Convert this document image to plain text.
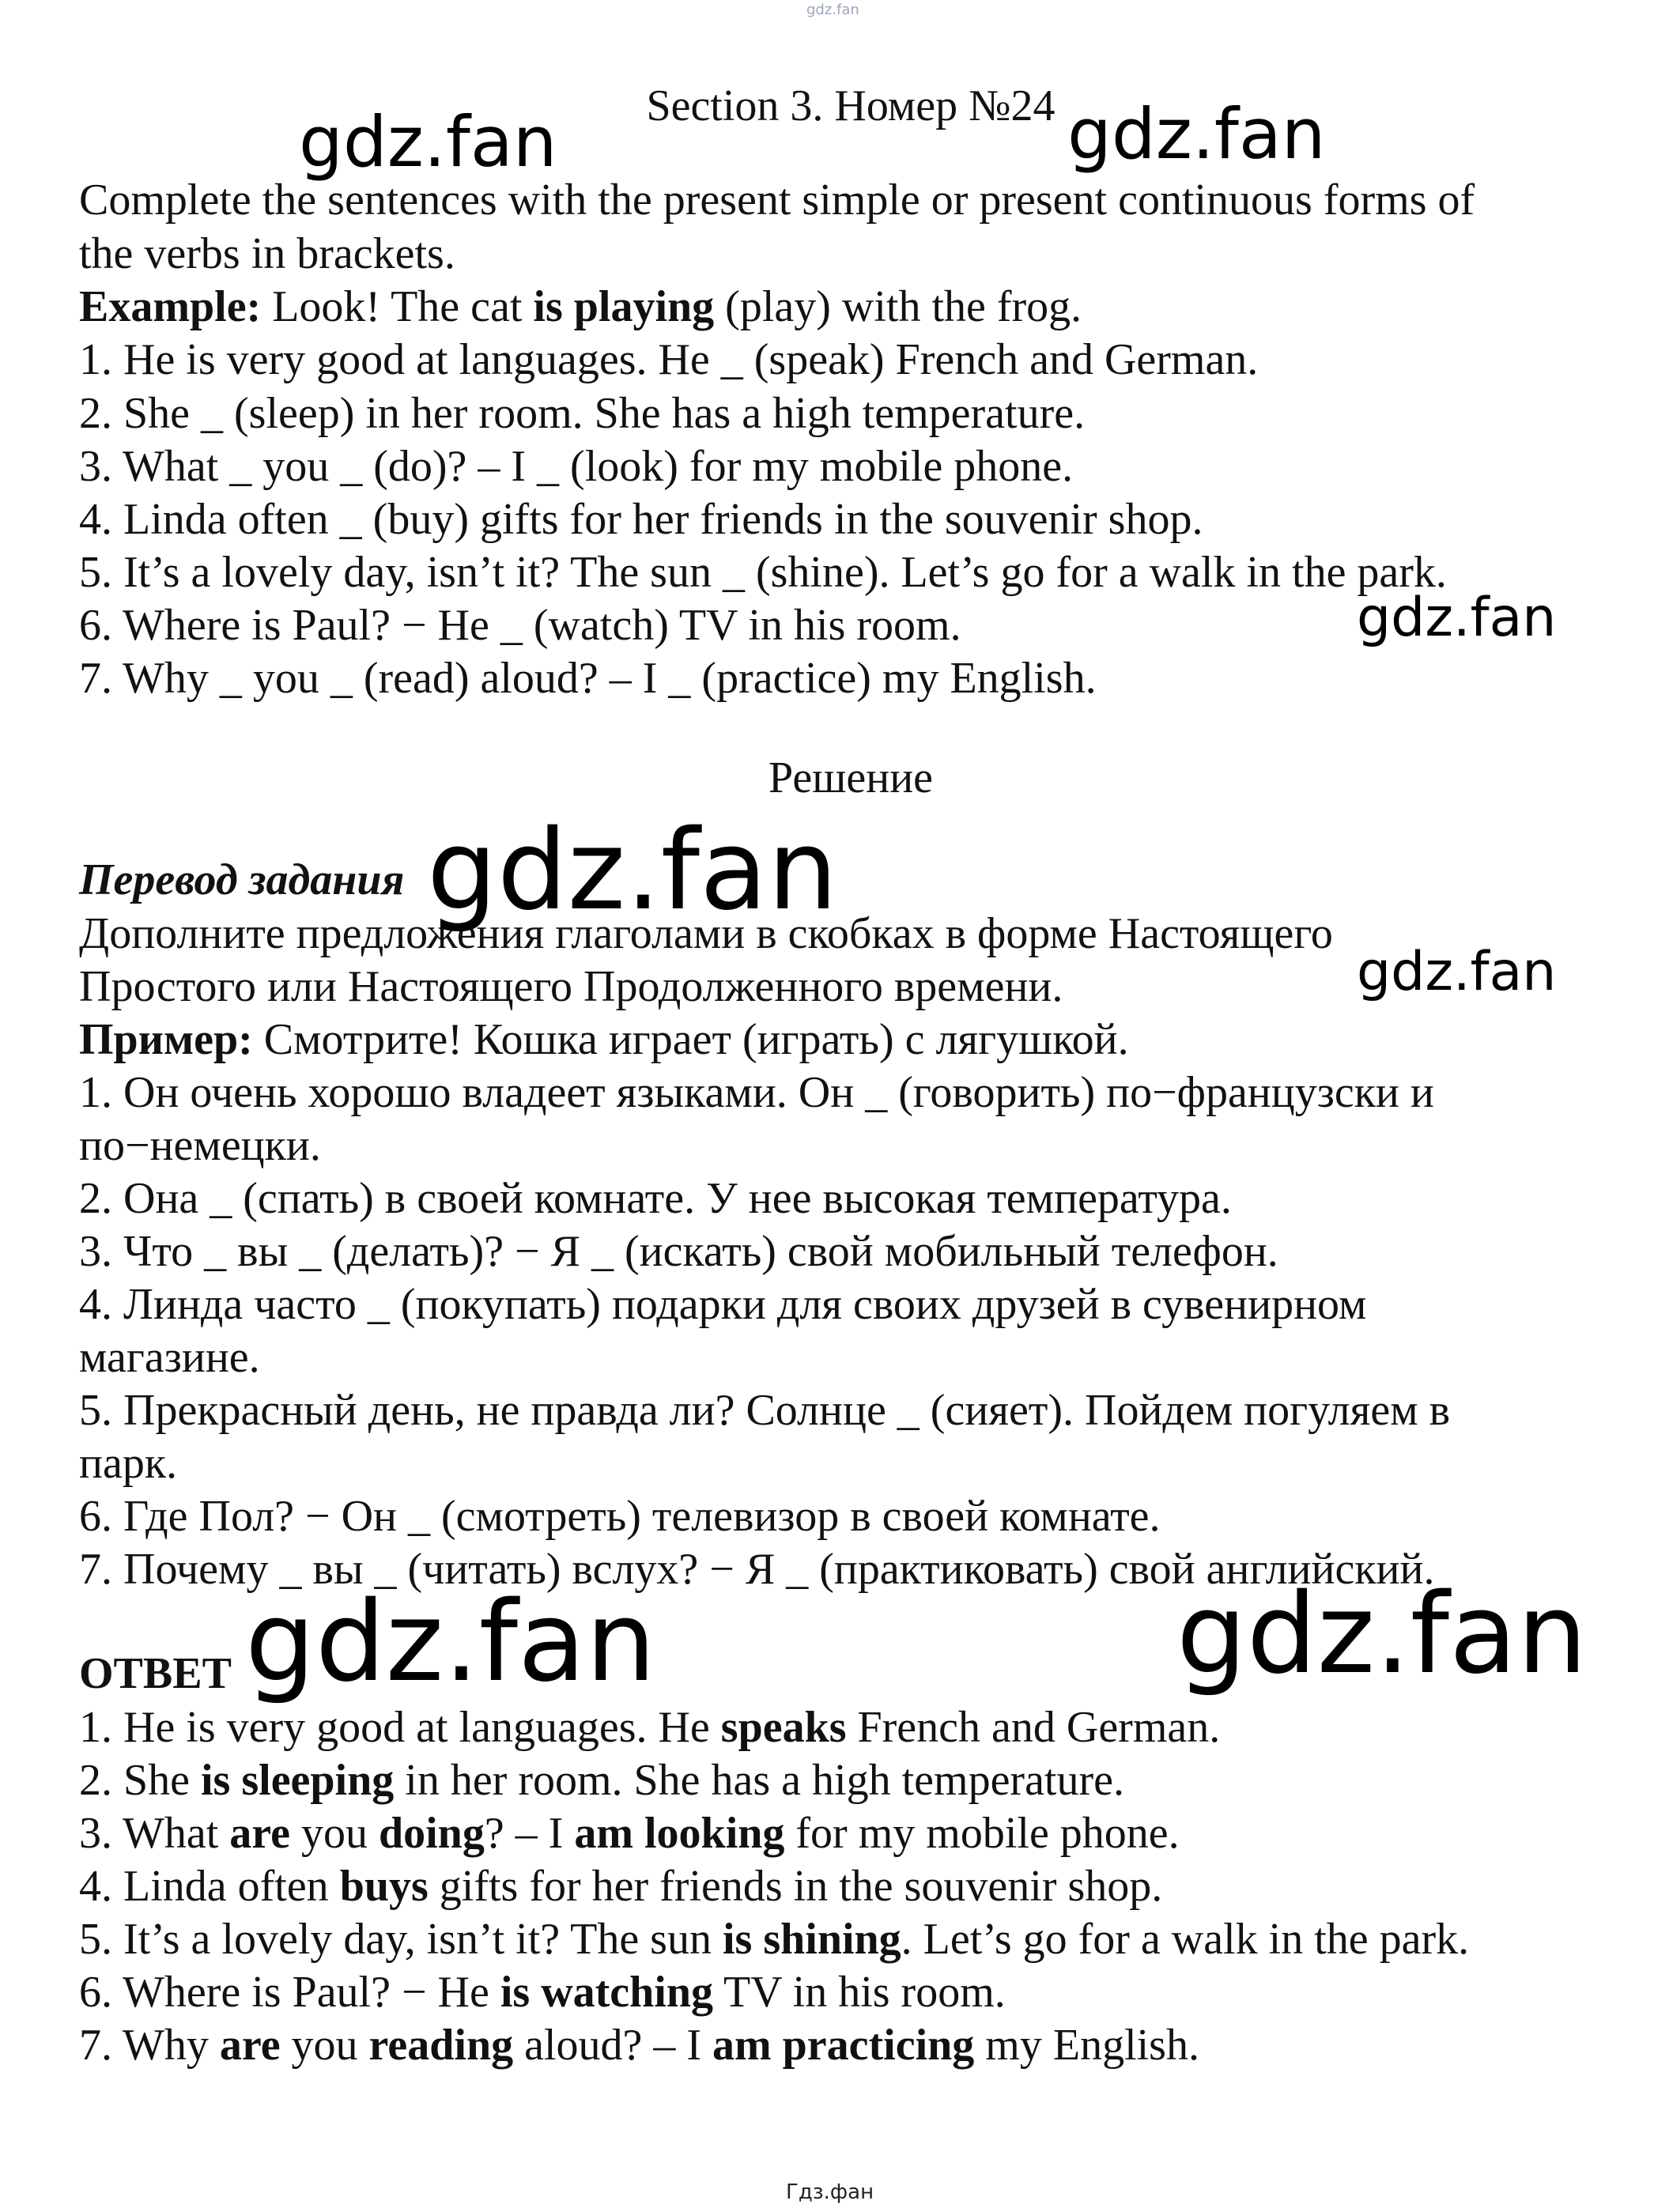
gdz.fan
Section 3. Номер №24
Complete the sentences with the present simple or present continuous forms of
the verbs in brackets.
Example: Look! The cat is playing (play) with the frog.
1. He is very good at languages. He _ (speak) French and German.
2. She _ (sleep) in her room. She has a high temperature.
3. What _ you _ (do)? – I _ (look) for my mobile phone.
4. Linda often _ (buy) gifts for her friends in the souvenir shop.
5. It’s a lovely day, isn’t it? The sun _ (shine). Let’s go for a walk in the park.
6. Where is Paul? − He _ (watch) TV in his room.
7. Why _ you _ (read) aloud? – I _ (practice) my English.
Решение
Перевод задания
Дополните предложения глаголами в скобках в форме Настоящего
Простого или Настоящего Продолженного времени.
Пример: Смотрите! Кошка играет (играть) с лягушкой.
1. Он очень хорошо владеет языками. Он _ (говорить) по−французски и
по−немецки.
2. Она _ (спать) в своей комнате. У нее высокая температура.
3. Что _ вы _ (делать)? − Я _ (искать) свой мобильный телефон.
4. Линда часто _ (покупать) подарки для своих друзей в сувенирном
магазине.
5. Прекрасный день, не правда ли? Солнце _ (сияет). Пойдем погуляем в
парк.
6. Где Пол? − Он _ (смотреть) телевизор в своей комнате.
7. Почему _ вы _ (читать) вслух? − Я _ (практиковать) свой английский.
ОТВЕТ
1. He is very good at languages. He speaks French and German.
2. She is sleeping in her room. She has a high temperature.
3. What are you doing? – I am looking for my mobile phone.
4. Linda often buys gifts for her friends in the souvenir shop.
5. It’s a lovely day, isn’t it? The sun is shining. Let’s go for a walk in the park.
6. Where is Paul? − He is watching TV in his room.
7. Why are you reading aloud? – I am practicing my English.
gdz.fan	gdz.fan
gdz.fan
gdz.fan
gdz.fan
gdz.fan	gdz.fan
Гдз.фан
